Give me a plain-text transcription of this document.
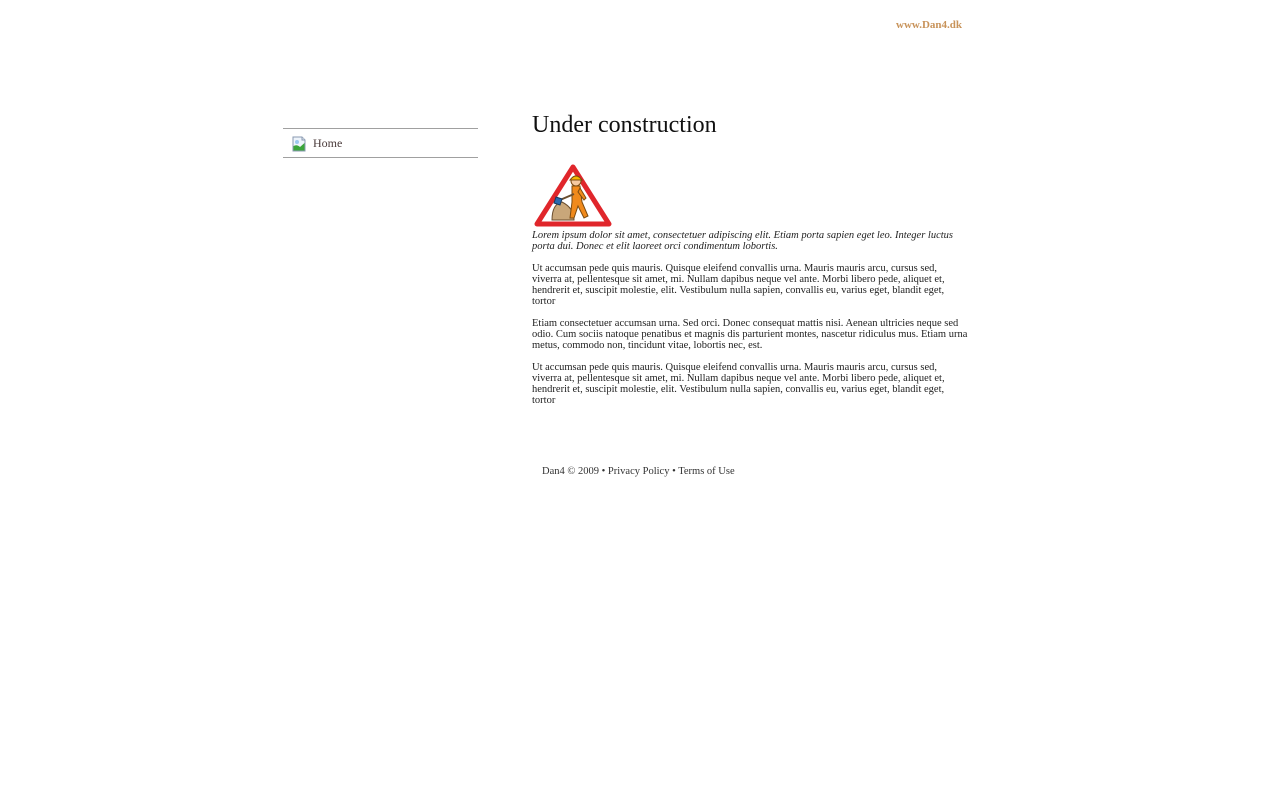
www.Dan4.dk
Home
Under construction

Lorem ipsum dolor sit amet, consectetuer adipiscing elit. Etiam porta sapien eget leo. Integer luctus porta dui. Donec et elit laoreet orci condimentum lobortis.

Ut accumsan pede quis mauris. Quisque eleifend convallis urna. Mauris mauris arcu, cursus sed, viverra at, pellentesque sit amet, mi. Nullam dapibus neque vel ante. Morbi libero pede, aliquet et, hendrerit et, suscipit molestie, elit. Vestibulum nulla sapien, convallis eu, varius eget, blandit eget, tortor

Etiam consectetuer accumsan urna. Sed orci. Donec consequat mattis nisi. Aenean ultricies neque sed odio. Cum sociis natoque penatibus et magnis dis parturient montes, nascetur ridiculus mus. Etiam urna metus, commodo non, tincidunt vitae, lobortis nec, est.

Ut accumsan pede quis mauris. Quisque eleifend convallis urna. Mauris mauris arcu, cursus sed, viverra at, pellentesque sit amet, mi. Nullam dapibus neque vel ante. Morbi libero pede, aliquet et, hendrerit et, suscipit molestie, elit. Vestibulum nulla sapien, convallis eu, varius eget, blandit eget, tortor

Dan4 © 2009 • Privacy Policy • Terms of Use
